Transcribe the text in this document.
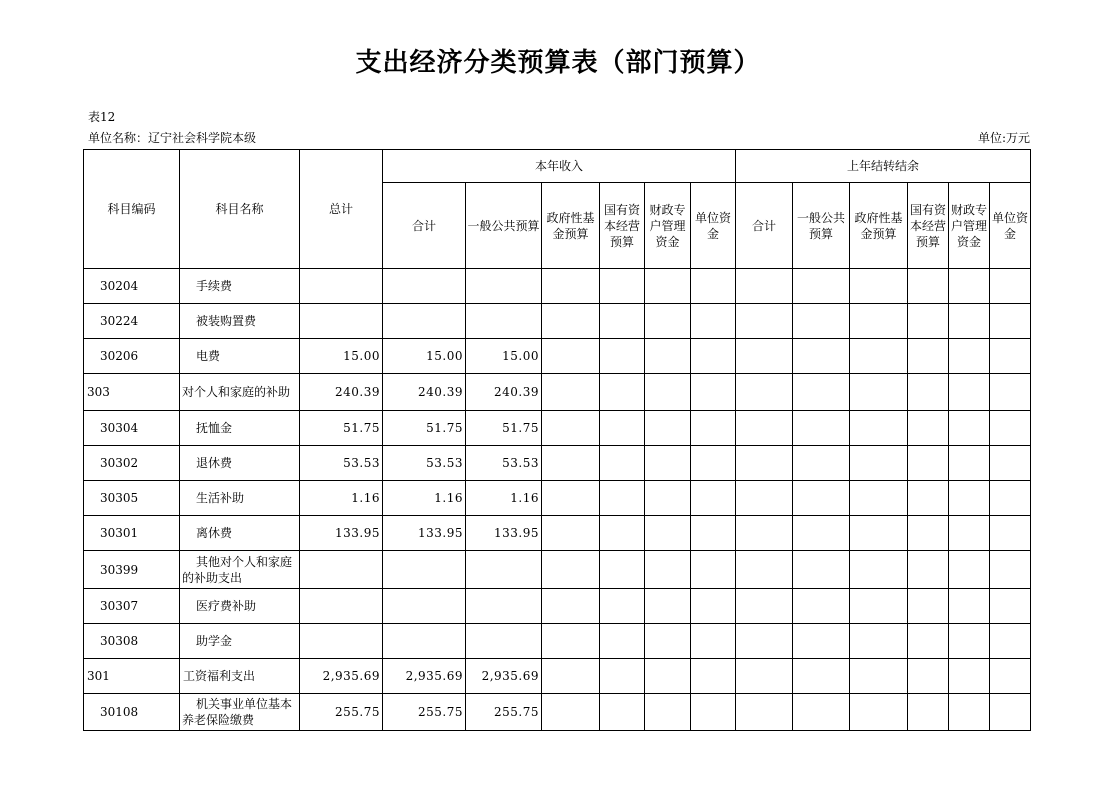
支出经济分类预算表（部门预算）
表12
单位名称：辽宁社会科学院本级	单位:万元
科目编码	科目名称	总计	本年收入						上年结转结余					
			合计	一般公共预算	政府性基金预算	国有资本经营预算	财政专户管理资金	单位资金	合计	一般公共预算	政府性基金预算	国有资本经营预算	财政专户管理资金	单位资金
30204	手续费													
30224	被装购置费													
30206	电费	15.00	15.00	15.00										
303	对个人和家庭的补助	240.39	240.39	240.39										
30304	抚恤金	51.75	51.75	51.75										
30302	退休费	53.53	53.53	53.53										
30305	生活补助	1.16	1.16	1.16										
30301	离休费	133.95	133.95	133.95										
30399	其他对个人和家庭的补助支出													
30307	医疗费补助													
30308	助学金													
301	工资福利支出	2,935.69	2,935.69	2,935.69										
30108	机关事业单位基本养老保险缴费	255.75	255.75	255.75										
